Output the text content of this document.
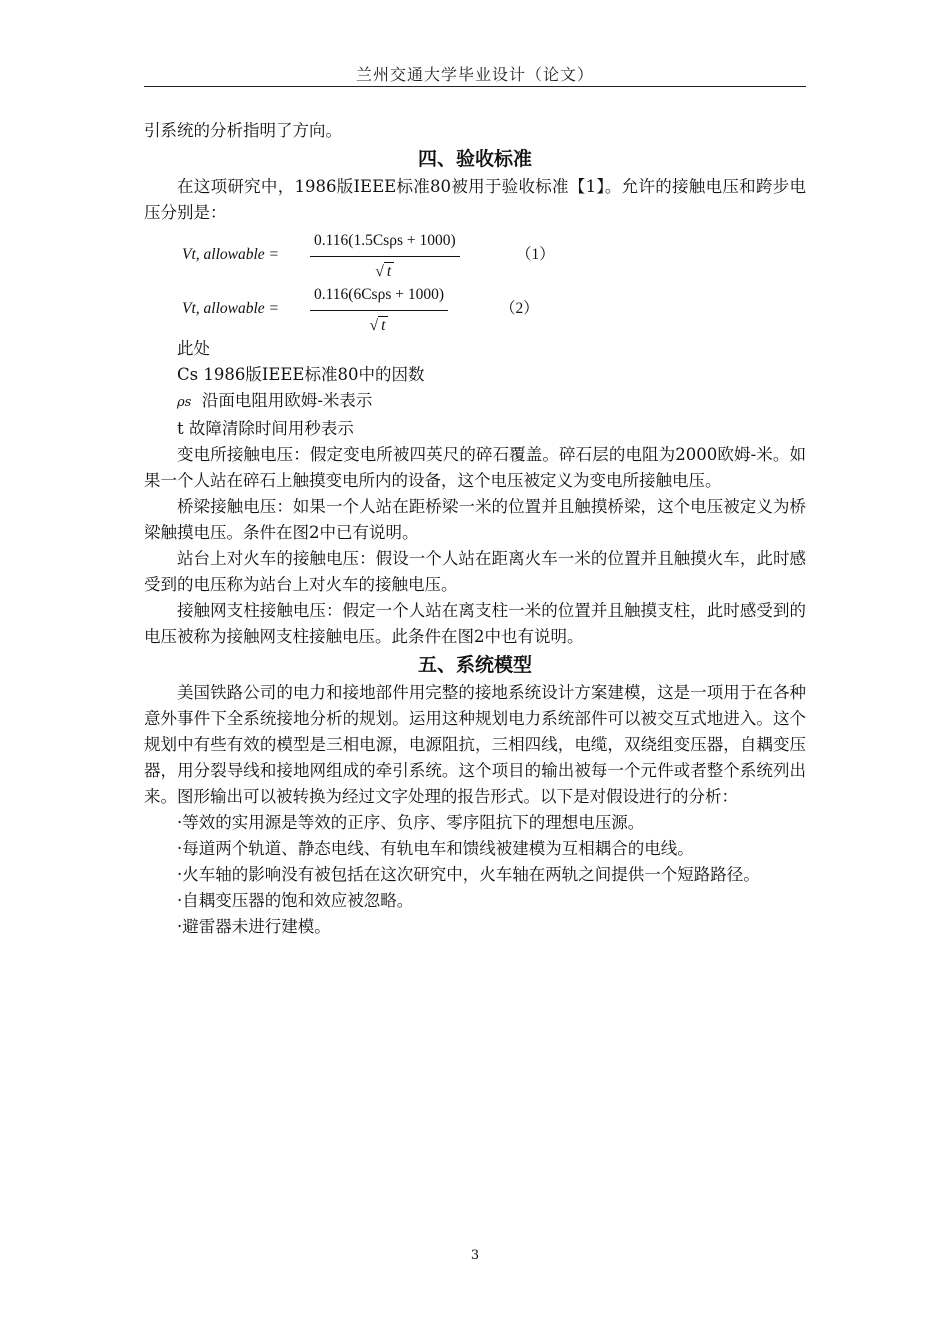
兰州交通大学毕业设计（论文）

引系统的分析指明了方向。

四、验收标准

在这项研究中，1986版IEEE标准80被用于验收标准【1】。允许的接触电压和跨步电压分别是：

Vt, allowable =
0.116(1.5Csρs + 1000)
√ t
（1）
Vt, allowable =
0.116(6Csρs + 1000)
√ t
（2）

此处

Cs 1986版IEEE标准80中的因数

ρs 沿面电阻用欧姆-米表示

t 故障清除时间用秒表示

变电所接触电压：假定变电所被四英尺的碎石覆盖。碎石层的电阻为2000欧姆-米。如果一个人站在碎石上触摸变电所内的设备，这个电压被定义为变电所接触电压。

桥梁接触电压：如果一个人站在距桥梁一米的位置并且触摸桥梁，这个电压被定义为桥梁触摸电压。条件在图2中已有说明。

站台上对火车的接触电压：假设一个人站在距离火车一米的位置并且触摸火车，此时感受到的电压称为站台上对火车的接触电压。

接触网支柱接触电压：假定一个人站在离支柱一米的位置并且触摸支柱，此时感受到的电压被称为接触网支柱接触电压。此条件在图2中也有说明。

五、系统模型

美国铁路公司的电力和接地部件用完整的接地系统设计方案建模，这是一项用于在各种意外事件下全系统接地分析的规划。运用这种规划电力系统部件可以被交互式地进入。这个规划中有些有效的模型是三相电源，电源阻抗，三相四线，电缆，双绕组变压器，自耦变压器，用分裂导线和接地网组成的牵引系统。这个项目的输出被每一个元件或者整个系统列出来。图形输出可以被转换为经过文字处理的报告形式。以下是对假设进行的分析：

·等效的实用源是等效的正序、负序、零序阻抗下的理想电压源。

·每道两个轨道、静态电线、有轨电车和馈线被建模为互相耦合的电线。

·火车轴的影响没有被包括在这次研究中，火车轴在两轨之间提供一个短路路径。

·自耦变压器的饱和效应被忽略。

·避雷器未进行建模。

3
